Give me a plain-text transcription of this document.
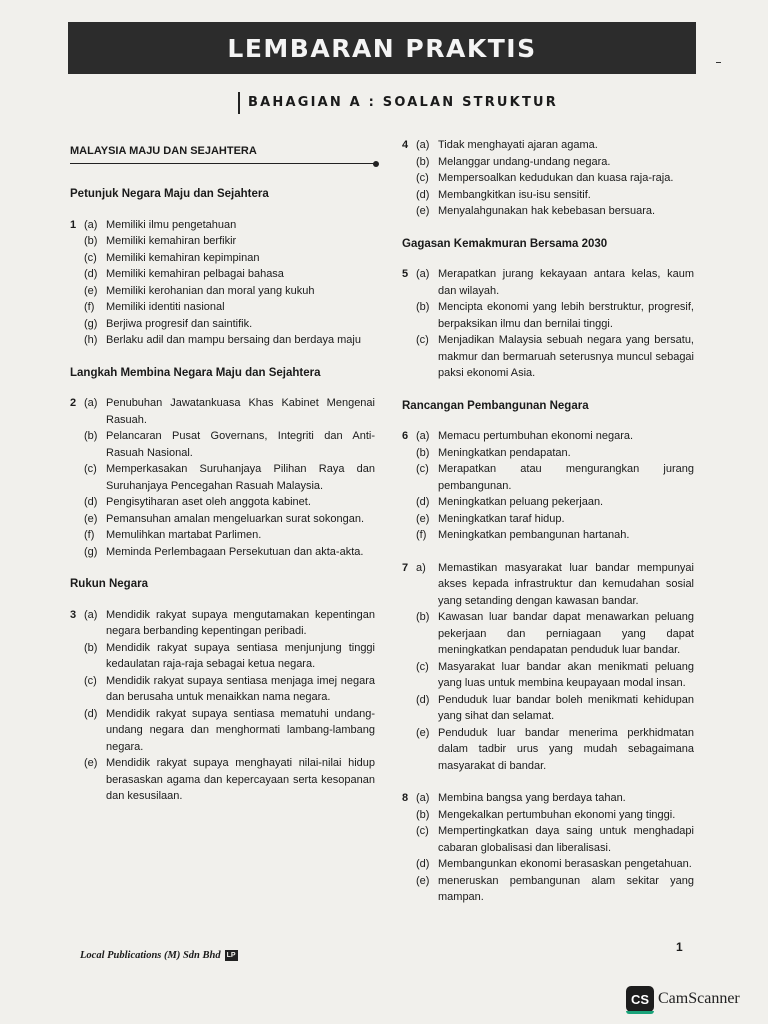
LEMBARAN PRAKTIS
BAHAGIAN A : SOALAN STRUKTUR
MALAYSIA MAJU DAN SEJAHTERA
Petunjuk Negara Maju dan Sejahtera
1 (a) Memiliki ilmu pengetahuan
(b) Memiliki kemahiran berfikir
(c) Memiliki kemahiran kepimpinan
(d) Memiliki kemahiran pelbagai bahasa
(e) Memiliki kerohanian dan moral yang kukuh
(f)	Memiliki identiti nasional
(g) Berjiwa progresif dan saintifik.
(h) Berlaku adil dan mampu bersaing dan berdaya maju
Langkah Membina Negara Maju dan Sejahtera
2 (a) Penubuhan Jawatankuasa Khas Kabinet Mengenai Rasuah.
(b) Pelancaran Pusat Governans, Integriti dan Anti-Rasuah Nasional.
(c) Memperkasakan Suruhanjaya Pilihan Raya dan Suruhanjaya Pencegahan Rasuah Malaysia.
(d) Pengisytiharan aset oleh anggota kabinet.
(e) Pemansuhan amalan mengeluarkan surat sokongan.
(f)	Memulihkan martabat Parlimen.
(g) Meminda Perlembagaan Persekutuan dan akta-akta.
Rukun Negara
3 (a) Mendidik rakyat supaya mengutamakan kepentingan negara berbanding kepentingan peribadi.
(b) Mendidik rakyat supaya sentiasa menjunjung tinggi kedaulatan raja-raja sebagai ketua negara.
(c) Mendidik rakyat supaya sentiasa menjaga imej negara dan berusaha untuk menaikkan nama negara.
(d) Mendidik rakyat supaya sentiasa mematuhi undang-undang negara dan menghormati lambang-lambang negara.
(e) Mendidik rakyat supaya menghayati nilai-nilai hidup berasaskan agama dan kepercayaan serta kesopanan dan kesusilaan.
4 (a) Tidak menghayati ajaran agama.
(b) Melanggar undang-undang negara.
(c) Mempersoalkan kedudukan dan kuasa raja-raja.
(d) Membangkitkan isu-isu sensitif.
(e) Menyalahgunakan hak kebebasan bersuara.
Gagasan Kemakmuran Bersama 2030
5 (a) Merapatkan jurang kekayaan antara kelas, kaum dan wilayah.
(b) Mencipta ekonomi yang lebih berstruktur, progresif, berpaksikan ilmu dan bernilai tinggi.
(c) Menjadikan Malaysia sebuah negara yang bersatu, makmur dan bermaruah seterusnya muncul sebagai paksi ekonomi Asia.
Rancangan Pembangunan Negara
6 (a) Memacu pertumbuhan ekonomi negara.
(b) Meningkatkan pendapatan.
(c) Merapatkan atau mengurangkan jurang pembangunan.
(d) Meningkatkan peluang pekerjaan.
(e) Meningkatkan taraf hidup.
(f)	Meningkatkan pembangunan hartanah.
7 a)	Memastikan masyarakat luar bandar mempunyai akses kepada infrastruktur dan kemudahan sosial yang setanding dengan kawasan bandar.
(b) Kawasan luar bandar dapat menawarkan peluang pekerjaan dan perniagaan yang dapat meningkatkan pendapatan penduduk luar bandar.
(c) Masyarakat luar bandar akan menikmati peluang yang luas untuk membina keupayaan modal insan.
(d) Penduduk luar bandar boleh menikmati kehidupan yang sihat dan selamat.
(e) Penduduk luar bandar menerima perkhidmatan dalam tadbir urus yang mudah sebagaimana masyarakat di bandar.
8 (a) Membina bangsa yang berdaya tahan.
(b) Mengekalkan pertumbuhan ekonomi yang tinggi.
(c) Mempertingkatkan daya saing untuk menghadapi cabaran globalisasi dan liberalisasi.
(d) Membangunkan ekonomi berasaskan pengetahuan.
(e) meneruskan pembangunan alam sekitar yang mampan.
Local Publications (M) Sdn Bhd LP
1
CS CamScanner
